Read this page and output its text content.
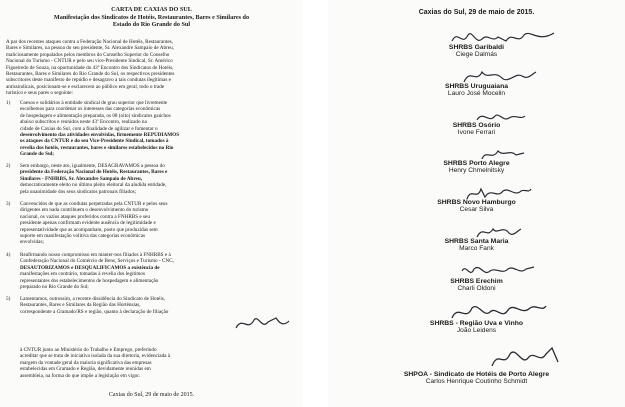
CARTA DE CAXIAS DO SUL
Manifestação dos Sindicatos de Hotéis, Restaurantes, Bares e Similares do
Estado do Rio Grande do Sul
A par dos recentes ataques contra a Federação Nacional de Hotéis, Restaurantes,
Bares e Similares, na pessoa do seu presidente, Sr. Alexandre Sampaio de Abreu,
maliciosamente propalados pelos membros do Conselho Superior do Conselho
Nacional do Turismo - CNTUR e pelo seu vice-Presidente Sindical, Sr. Américo
Figueiredo de Souza, na oportunidade do 43º Encontro dos Sindicatos de Hotéis,
Restaurantes, Bares e Similares do Rio Grande do Sul, os respectivos presidentes
subscritores deste manifesto de repúdio e desagravo a tais condutas ilegítimas e
antissindicais, posicionam-se e esclarecem ao público em geral, todo o trade
turístico e seus pares o seguinte:
1)	Coesos e solidários à entidade sindical de grau superior que livremente
escolhemos para coordenar os interesses das categorias econômicas
de hospedagem e alimentação preparada, os 08 (oito) sindicatos gaúchos
abaixo subscritos e reunidos neste 43º Encontro, realizado na
cidade de Caxias do Sul, com a finalidade de agilizar e fomentar o
desenvolvimento das atividades envolvidas, firmemente REPUDIAMOS
os ataques da CNTUR e do seu Vice-Presidente Sindical, tomados à
revelia dos hotéis, restaurantes, bares e similares estabelecidos no Rio
Grande do Sul;
2)	Sem embargo, neste ato, igualmente, DESAGRAVAMOS a pessoa do
presidente da Federação Nacional de Hotéis, Restaurantes, Bares e
Similares - FNHRBS, Sr. Alexandre Sampaio de Abreu,
democraticamente eleito no último pleito eleitoral da aludida entidade,
pela unanimidade dos seus sindicatos patronais filiados;
3)	Convencidos de que as condutas perpetradas pela CNTUR e pelos seus
dirigentes em nada contribuem o desenvolvimento do turismo
nacional, os vazios ataques proferidos contra a FNHRBS e seu
presidente apenas confirmam evidente ausência de legitimidade e
representatividade que as acompanham, posto que produzidas sem
suporte em manifestação volitiva das categorias econômicas
envolvidas;
4)	Reafirmando nosso compromisso em manter-nos filiados à FNHRBS e à
Confederação Nacional do Comércio de Bens, Serviços e Turismo - CNC,
DESAUTORIZAMOS e DESQUALIFICAMOS a existência de
manifestações em contrário, tomadas à revelia dos legítimos
representantes dos estabelecimentos de hospedagem e alimentação
preparado no Rio Grande do Sul;
5)	Lamentamos, outrossim, a recente dissidência do Sindicato de Hotéis,
Restaurantes, Bares e Similares da Região das Hortênsias,
correspondente a Gramado/RS e região, quanto à declaração de filiação
à CNTUR junto ao Ministério do Trabalho e Emprego, preferindo
acreditar que se trata de iniciativa isolada da sua diretoria, evidenciada à
margem da vontade geral da maioria significativa das empresas
estabelecidas em Gramado e Região, devidamente reunidas em
assembleia, na forma do que impõe a legislação em vigor.
Caxias do Sul, 29 de maio de 2015.
Caxias do Sul, 29 de maio de 2015.
SHRBS Garibaldi
Ciege Dalmás
SHRBS Uruguaiana
Lauro José Mocelin
SHRBS Osório
Ivone Ferrari
SHRBS Porto Alegre
Henry Chmelnitsky
SHRBS Novo Hamburgo
Cesar Silva
SHRBS Santa Maria
Marco Fank
SHRBS Erechim
Charli Oldoni
SHRBS - Região Uva e Vinho
João Leidens
SHPOA - Sindicato de Hotéis de Porto Alegre
Carlos Henrique Coutinho Schmidt
